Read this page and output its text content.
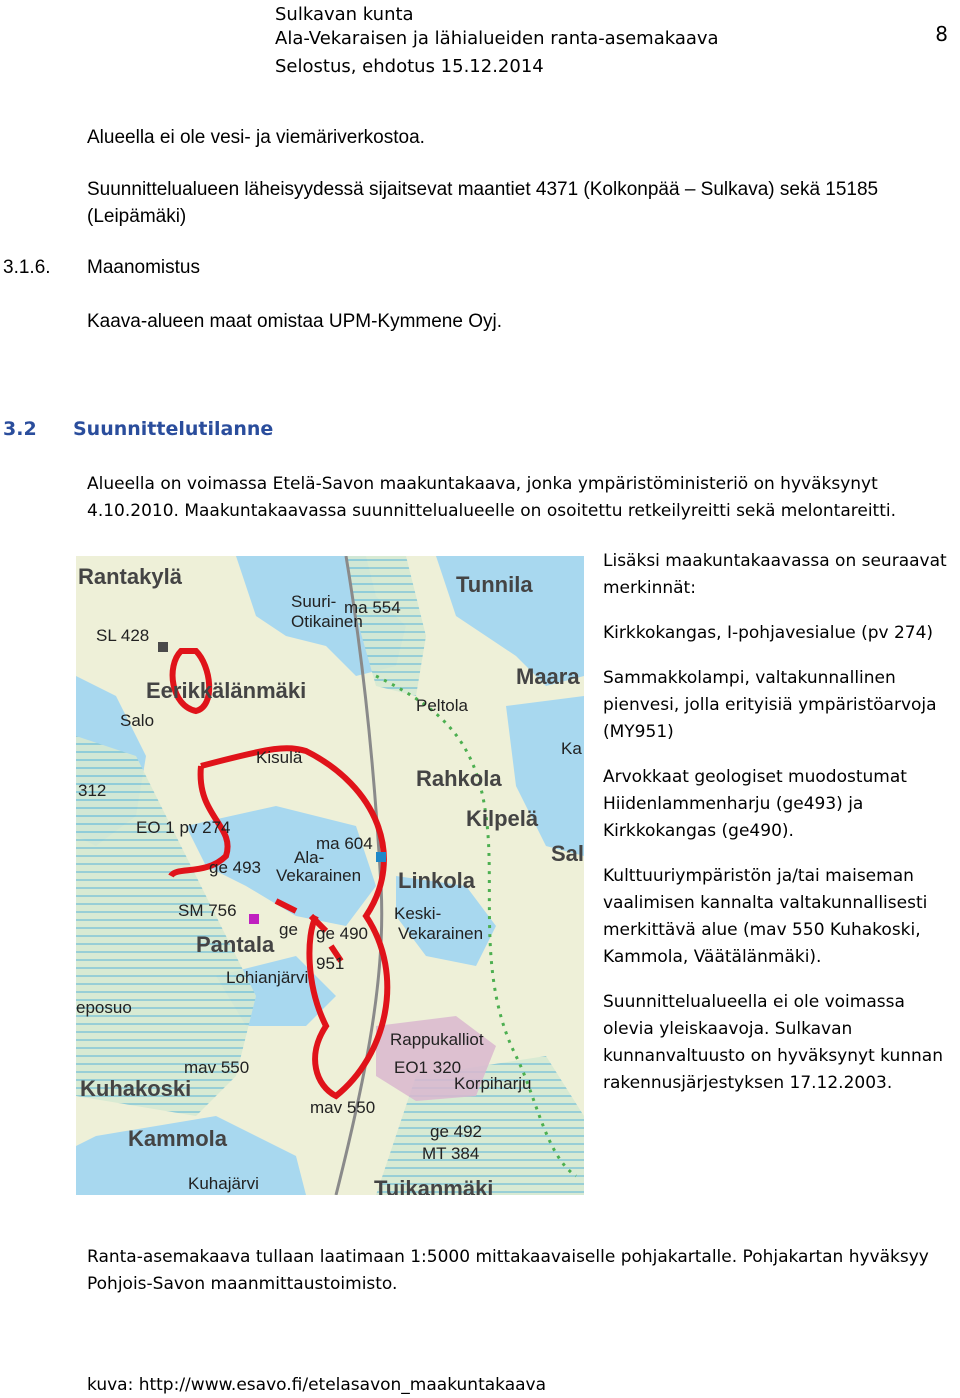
Sulkavan kunta
Ala-Vekaraisen ja lähialueiden ranta-asemakaava
Selostus, ehdotus 15.12.2014
8
Alueella ei ole vesi- ja viemäriverkostoa.
Suunnittelualueen läheisyydessä sijaitsevat maantiet 4371 (Kolkonpää – Sulkava) sekä 15185
(Leipämäki)
3.1.6. Maanomistus
Kaava-alueen maat omistaa UPM-Kymmene Oyj.
3.2 Suunnittelutilanne
Alueella on voimassa Etelä-Savon maakuntakaava, jonka ympäristöministeriö on hyväksynyt
4.10.2010. Maakuntakaavassa suunnittelualueelle on osoitettu retkeilyreitti sekä melontareitti.
Rantakylä	Tunnila
Suuri-
Otikainen
ma 554
SL 428
Eerikkälänmäki
Maara
Salo
Peltola
Ka
Kisulä
Rahkola
312
Kilpelä
Sal
EO 1 pv 274
ma 604
Ala-
ge 493 Vekarainen Linkola
SM 756	Keski-
Vekarainen
ge ge 490
Pantala
951
Lohianjärvi
eposuo
Rappukalliot
EO1 320
mav 550
Korpiharju
Kuhakoski
mav 550
Kammola	ge 492
MT 384
Kuhajärvi	Tuikanmäki
Lisäksi maakuntakaavassa on seuraavat
merkinnät:
Kirkkokangas, I-pohjavesialue (pv 274)
Sammakkolampi, valtakunnallinen
pienvesi, jolla erityisiä ympäristöarvoja
(MY951)
Arvokkaat geologiset muodostumat
Hiidenlammenharju (ge493) ja
Kirkkokangas (ge490).
Kulttuuriympäristön ja/tai maiseman
vaalimisen kannalta valtakunnallisesti
merkittävä alue (mav 550 Kuhakoski,
Kammola, Väätälänmäki).
Suunnittelualueella ei ole voimassa
olevia yleiskaavoja. Sulkavan
kunnanvaltuusto on hyväksynyt kunnan
rakennusjärjestyksen 17.12.2003.
Ranta-asemakaava tullaan laatimaan 1:5000 mittakaavaiselle pohjakartalle. Pohjakartan hyväksyy
Pohjois-Savon maanmittaustoimisto.
kuva: http://www.esavo.fi/etelasavon_maakuntakaava
